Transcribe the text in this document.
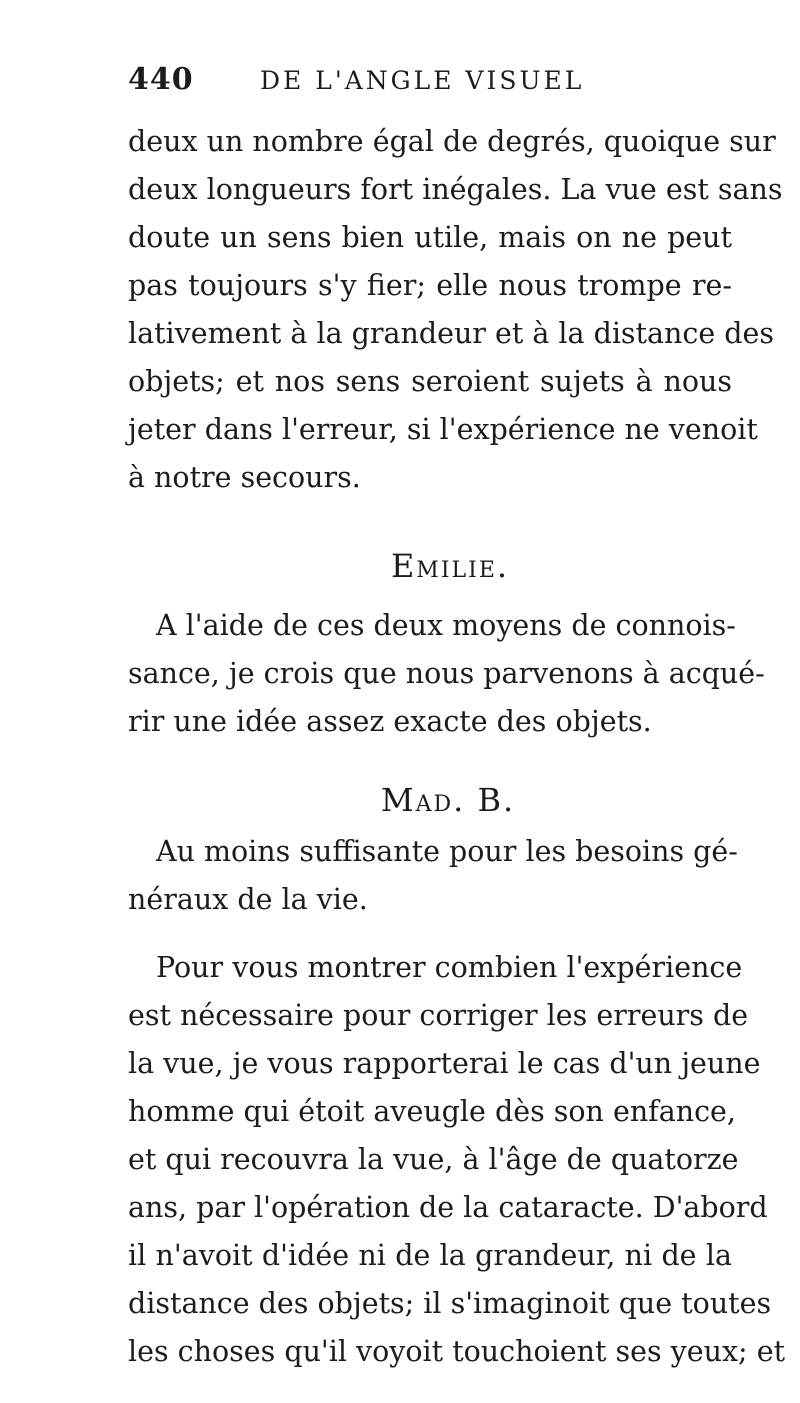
440	DE L'ANGLE VISUEL
deux un nombre égal de degrés, quoique sur
deux longueurs fort inégales. La vue est sans
doute un sens bien utile, mais on ne peut
pas toujours s'y fier; elle nous trompe re-
lativement à la grandeur et à la distance des
objets; et nos sens seroient sujets à nous
jeter dans l'erreur, si l'expérience ne venoit
à notre secours.
Emilie.
A l'aide de ces deux moyens de connois-
sance, je crois que nous parvenons à acqué-
rir une idée assez exacte des objets.
Mad. B.
Au moins suffisante pour les besoins gé-
néraux de la vie.
Pour vous montrer combien l'expérience
est nécessaire pour corriger les erreurs de
la vue, je vous rapporterai le cas d'un jeune
homme qui étoit aveugle dès son enfance,
et qui recouvra la vue, à l'âge de quatorze
ans, par l'opération de la cataracte. D'abord
il n'avoit d'idée ni de la grandeur, ni de la
distance des objets; il s'imaginoit que toutes
les choses qu'il voyoit touchoient ses yeux; et
